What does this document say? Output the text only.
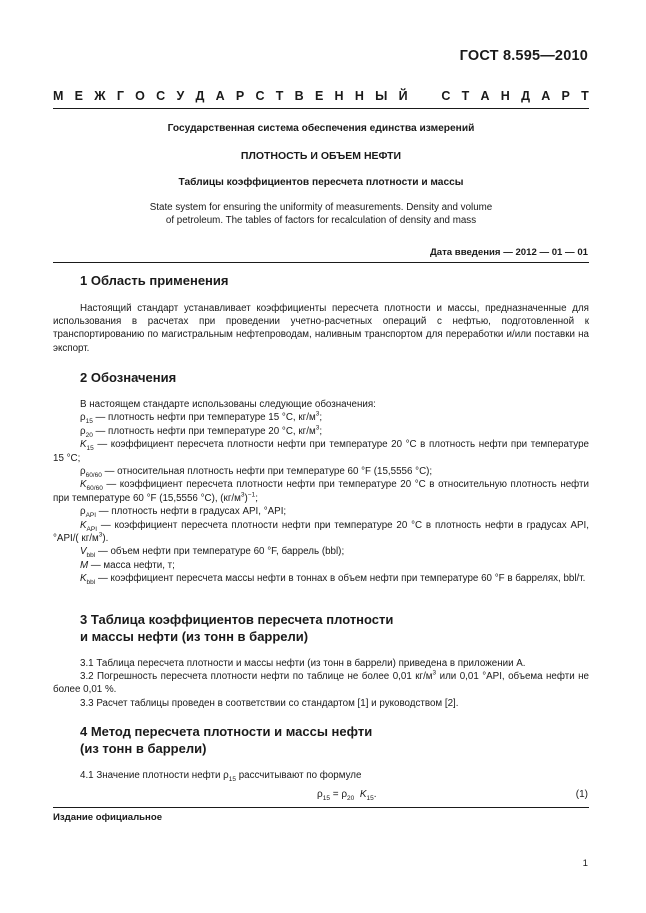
ГОСТ 8.595—2010
М Е Ж Г О С У Д А Р С Т В Е Н Н Ы Й	С Т А Н Д А Р Т
Государственная система обеспечения единства измерений
ПЛОТНОСТЬ И ОБЪЕМ НЕФТИ
Таблицы коэффициентов пересчета плотности и массы
State system for ensuring the uniformity of measurements. Density and volume
of petroleum. The tables of factors for recalculation of density and mass
Дата введения — 2012 — 01 — 01
1 Область применения

Настоящий стандарт устанавливает коэффициенты пересчета плотности и массы, предназначенные для использования в расчетах при проведении учетно-расчетных операций с нефтью, подготовленной к транспортированию по магистральным нефтепроводам, наливным транспортом для переработки и/или поставки на экспорт.

2 Обозначения

В настоящем стандарте использованы следующие обозначения:

$\rho_{15}$ — плотность нефти при температуре 15 °С, $кг/м^3$;

$\rho_{20}$ — плотность нефти при температуре 20 °С, $кг/м^3$;

$K_{15}$ — коэффициент пересчета плотности нефти при температуре 20 °С в плотность нефти при температуре 15 °С;

$\rho_{60/60}$ — относительная плотность нефти при температуре 60 °F (15,5556 °С);

$K_{60/60}$ — коэффициент пересчета плотности нефти при температуре 20 °С в относительную плотность нефти при температуре 60 °F (15,5556 °С), $(кг/м^3)^{-1}$;

$\rho_{API}$ — плотность нефти в градусах API, °API;

$K_{API}$ — коэффициент пересчета плотности нефти при температуре 20 °С в плотность нефти в градусах API, °API/( $кг/м^3$).

$V_{bbl}$ — объем нефти при температуре 60 °F, баррель (bbl);

M — масса нефти, т;

$K_{bbl}$ — коэффициент пересчета массы нефти в тоннах в объем нефти при температуре 60 °F в баррелях, bbl/т.

3 Таблица коэффициентов пересчета плотности
и массы нефти (из тонн в баррели)

3.1 Таблица пересчета плотности и массы нефти (из тонн в баррели) приведена в приложении А.

3.2 Погрешность пересчета плотности нефти по таблице не более 0,01 $кг/м^3$ или 0,01 °API, объема нефти не более 0,01 %.

3.3 Расчет таблицы проведен в соответствии со стандартом [1] и руководством [2].

4 Метод пересчета плотности и массы нефти
(из тонн в баррели)

4.1 Значение плотности нефти $\rho_{15}$ рассчитывают по формуле

$\rho_{15} = \rho_{20}$ $K_{15}$.	(1)
Издание официальное
1
